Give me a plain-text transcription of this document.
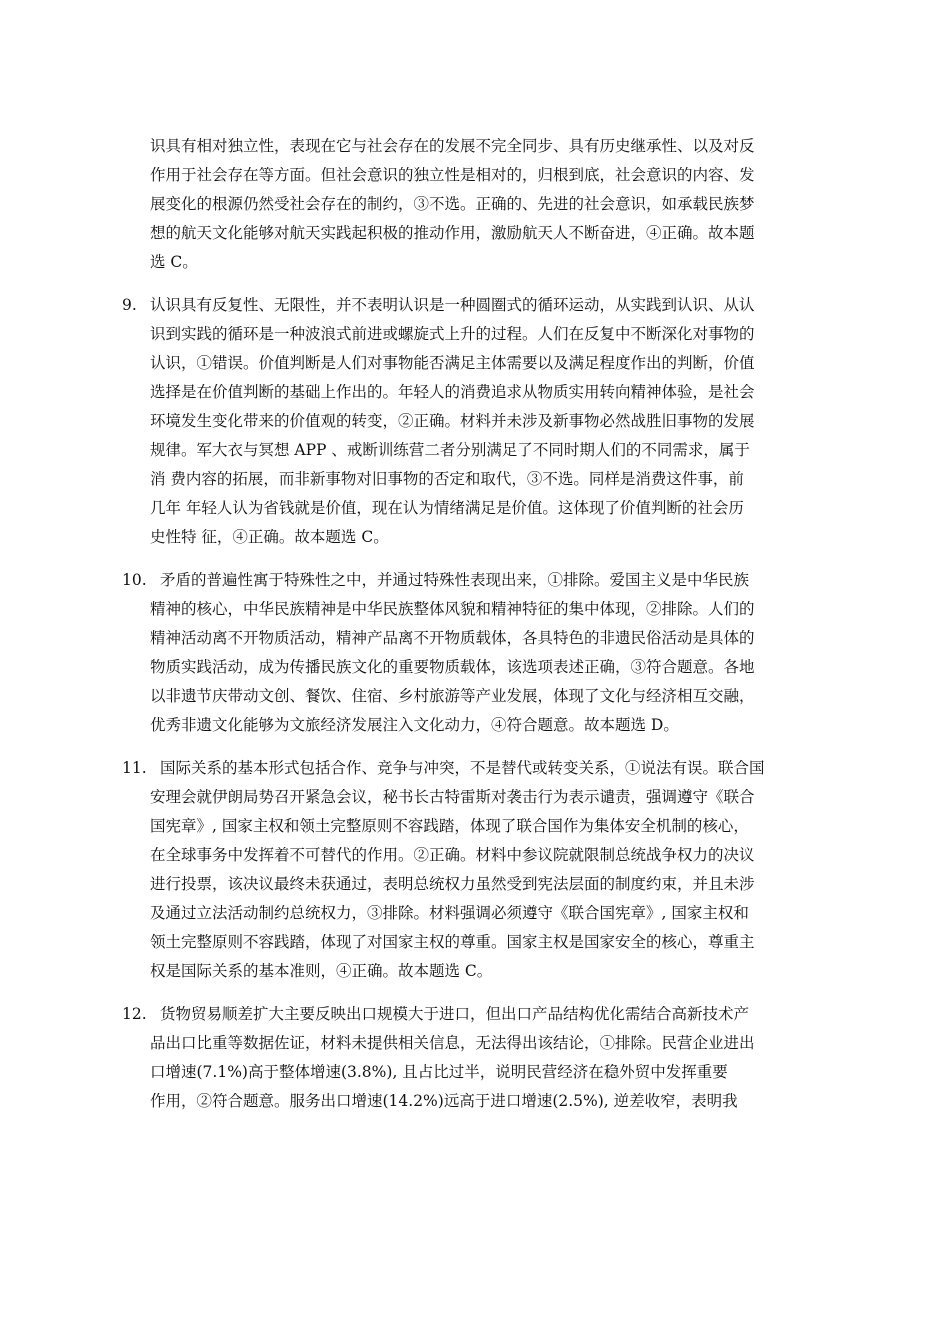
识具有相对独立性，表现在它与社会存在的发展不完全同步、具有历史继承性、以及对反
作用于社会存在等方面。但社会意识的独立性是相对的，归根到底，社会意识的内容、发
展变化的根源仍然受社会存在的制约，③不选。正确的、先进的社会意识，如承载民族梦
想的航天文化能够对航天实践起积极的推动作用，激励航天人不断奋进，④正确。故本题
选 C。
9. 认识具有反复性、无限性，并不表明认识是一种圆圈式的循环运动，从实践到认识、从认
识到实践的循环是一种波浪式前进或螺旋式上升的过程。人们在反复中不断深化对事物的
认识，①错误。价值判断是人们对事物能否满足主体需要以及满足程度作出的判断，价值
选择是在价值判断的基础上作出的。年轻人的消费追求从物质实用转向精神体验，是社会
环境发生变化带来的价值观的转变，②正确。材料并未涉及新事物必然战胜旧事物的发展
规律。军大衣与冥想 APP 、戒断训练营二者分别满足了不同时期人们的不同需求，属于
消 费内容的拓展，而非新事物对旧事物的否定和取代，③不选。同样是消费这件事，前
几年 年轻人认为省钱就是价值，现在认为情绪满足是价值。这体现了价值判断的社会历
史性特 征，④正确。故本题选 C。
10. 矛盾的普遍性寓于特殊性之中，并通过特殊性表现出来，①排除。爱国主义是中华民族
精神的核心，中华民族精神是中华民族整体风貌和精神特征的集中体现，②排除。人们的
精神活动离不开物质活动，精神产品离不开物质载体，各具特色的非遗民俗活动是具体的
物质实践活动，成为传播民族文化的重要物质载体，该选项表述正确，③符合题意。各地
以非遗节庆带动文创、餐饮、住宿、乡村旅游等产业发展，体现了文化与经济相互交融，
优秀非遗文化能够为文旅经济发展注入文化动力，④符合题意。故本题选 D。
11. 国际关系的基本形式包括合作、竞争与冲突，不是替代或转变关系，①说法有误。联合国
安理会就伊朗局势召开紧急会议，秘书长古特雷斯对袭击行为表示谴责，强调遵守《联合
国宪章》, 国家主权和领土完整原则不容践踏，体现了联合国作为集体安全机制的核心，
在全球事务中发挥着不可替代的作用。②正确。材料中参议院就限制总统战争权力的决议
进行投票，该决议最终未获通过，表明总统权力虽然受到宪法层面的制度约束，并且未涉
及通过立法活动制约总统权力，③排除。材料强调必须遵守《联合国宪章》, 国家主权和
领土完整原则不容践踏，体现了对国家主权的尊重。国家主权是国家安全的核心，尊重主
权是国际关系的基本准则，④正确。故本题选 C。
12. 货物贸易顺差扩大主要反映出口规模大于进口，但出口产品结构优化需结合高新技术产
品出口比重等数据佐证，材料未提供相关信息，无法得出该结论，①排除。民营企业进出
口增速(7.1%)高于整体增速(3.8%), 且占比过半，说明民营经济在稳外贸中发挥重要
作用，②符合题意。服务出口增速(14.2%)远高于进口增速(2.5%), 逆差收窄，表明我
